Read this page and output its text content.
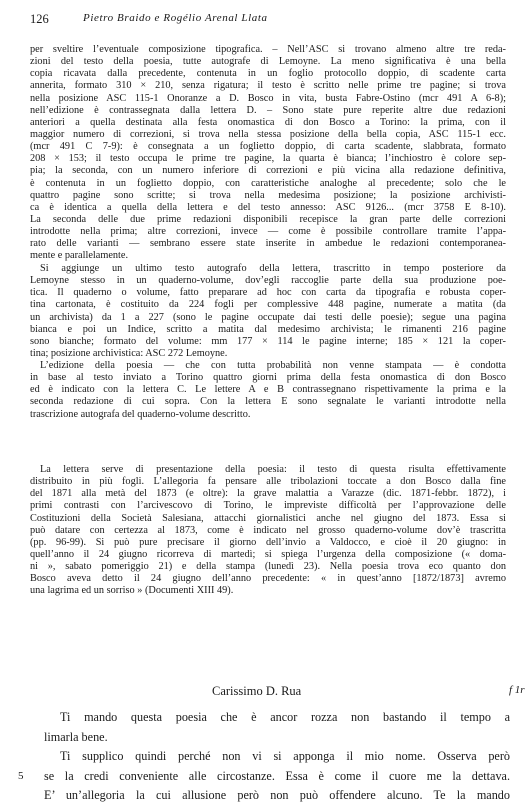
126	Pietro Braido e Rogélio Arenal Llata
per sveltire l’eventuale composizione tipografica. – Nell’ASC si trovano almeno altre tre reda-
zioni del testo della poesia, tutte autografe di Lemoyne. La meno significativa è una bella
copia ricavata dalla precedente, contenuta in un foglio protocollo doppio, di scadente carta
annerita, formato 310 × 210, senza rigatura; il testo è scritto nelle prime tre pagine; si trova
nella posizione ASC 115-1 Onoranze a D. Bosco in vita, busta Fabre-Ostino (mcr 491 A 6-8);
nell’edizione è contrassegnata dalla lettera D. – Sono state pure reperite altre due redazioni
anteriori a quella destinata alla festa onomastica di don Bosco a Torino: la prima, con il
maggior numero di correzioni, si trova nella stessa posizione della bella copia, ASC 115-1 ecc.
(mcr 491 C 7-9): è consegnata a un foglietto doppio, di carta scadente, slabbrata, formato
208 × 153; il testo occupa le prime tre pagine, la quarta è bianca; l’inchiostro è colore sep-
pia; la seconda, con un numero inferiore di correzioni e più vicina alla redazione definitiva,
è contenuta in un foglietto doppio, con caratteristiche analoghe al precedente; solo che le
quattro pagine sono scritte; si trova nella medesima posizione; la posizione archivisti-
ca è identica a quella della lettera e del testo annesso: ASC 9126... (mcr 3758 E 8-10).
La seconda delle due prime redazioni disponibili recepisce la gran parte delle correzioni
introdotte nella prima; altre correzioni, invece — come è possibile controllare tramite l’appa-
rato delle varianti — sembrano essere state inserite in ambedue le redazioni contemporanea-
mente e parallelamente.
Si aggiunge un ultimo testo autografo della lettera, trascritto in tempo posteriore da
Lemoyne stesso in un quaderno-volume, dov’egli raccoglie parte della sua produzione poe-
tica. Il quaderno o volume, fatto preparare ad hoc con carta da tipografia e robusta coper-
tina cartonata, è costituito da 224 fogli per complessive 448 pagine, numerate a matita (da
un archivista) da 1 a 227 (sono le pagine occupate dai testi delle poesie); segue una pagina
bianca e poi un Indice, scritto a matita dal medesimo archivista; le rimanenti 216 pagine
sono bianche; formato del volume: mm 177 × 114 le pagine interne; 185 × 121 la coper-
tina; posizione archivistica: ASC 272 Lemoyne.
L’edizione della poesia — che con tutta probabilità non venne stampata — è condotta
in base al testo inviato a Torino quattro giorni prima della festa onomastica di don Bosco
ed è indicato con la lettera C. Le lettere A e B contrassegnano rispettivamente la prima e la
seconda redazione di cui sopra. Con la lettera E sono segnalate le varianti introdotte nella
trascrizione autografa del quaderno-volume descritto.
La lettera serve di presentazione della poesia: il testo di questa risulta effettivamente
distribuito in più fogli. L’allegoria fa pensare alle tribolazioni toccate a don Bosco dalla fine
del 1871 alla metà del 1873 (e oltre): la grave malattia a Varazze (dic. 1871-febbr. 1872), i
primi contrasti con l’arcivescovo di Torino, le impreviste difficoltà per l’approvazione delle
Costituzioni della Società Salesiana, attacchi giornalistici anche nel giugno del 1873. Essa si
può datare con certezza al 1873, come è indicato nel grosso quaderno-volume dov’è trascritta
(pp. 96-99). Si può pure precisare il giorno dell’invio a Valdocco, e cioè il 20 giugno: in
quell’anno il 24 giugno ricorreva di martedì; si spiega l’urgenza della composizione (« doma-
ni », sabato pomeriggio 21) e della stampa (lunedì 23). Nella poesia trova eco quanto don
Bosco aveva detto il 24 giugno dell’anno precedente: « in quest’anno [1872/1873] avremo
una lagrima ed un sorriso » (Documenti XIII 49).
Carissimo D. Rua	f 1r
Ti mando questa poesia che è ancor rozza non bastando il tempo a
limarla bene.
Ti supplico quindi perché non vi si apponga il mio nome. Osserva però
5	se la credi conveniente alle circostanze. Essa è come il cuore me la dettava.
E’ un’allegoria la cui allusione però non può offendere alcuno. Te la mando
